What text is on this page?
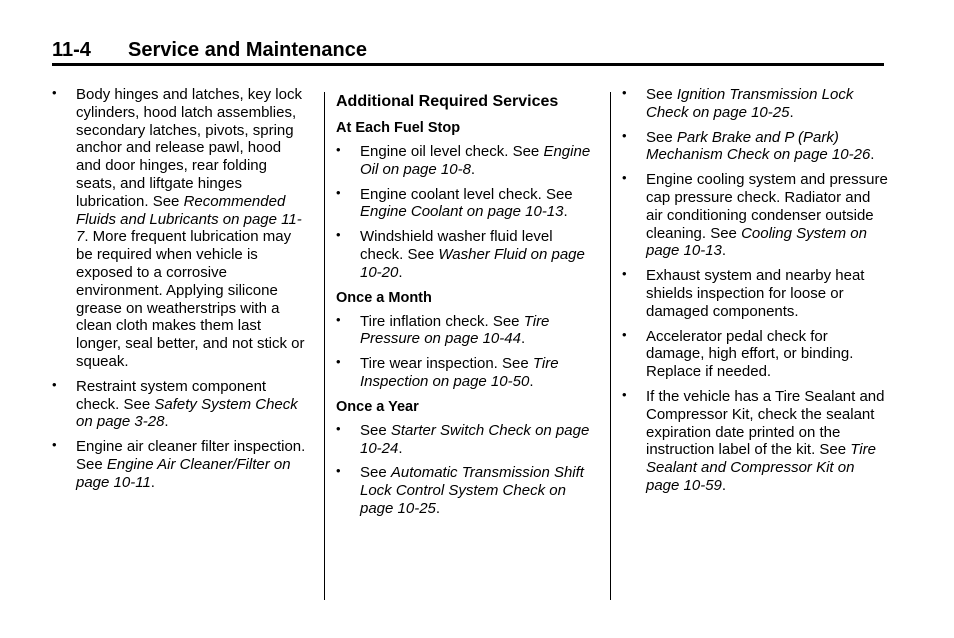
11-4 Service and Maintenance
• Body hinges and latches, key lock cylinders, hood latch assemblies, secondary latches, pivots, spring anchor and release pawl, hood and door hinges, rear folding seats, and liftgate hinges lubrication. See Recommended Fluids and Lubricants on page 11-7. More frequent lubrication may be required when vehicle is exposed to a corrosive environment. Applying silicone grease on weatherstrips with a clean cloth makes them last longer, seal better, and not stick or squeak.
• Restraint system component check. See Safety System Check on page 3-28.
• Engine air cleaner filter inspection. See Engine Air Cleaner/Filter on page 10-11.
Additional Required Services
At Each Fuel Stop
• Engine oil level check. See Engine Oil on page 10-8.
• Engine coolant level check. See Engine Coolant on page 10-13.
• Windshield washer fluid level check. See Washer Fluid on page 10-20.
Once a Month
• Tire inflation check. See Tire Pressure on page 10-44.
• Tire wear inspection. See Tire Inspection on page 10-50.
Once a Year
• See Starter Switch Check on page 10-24.
• See Automatic Transmission Shift Lock Control System Check on page 10-25.
• See Ignition Transmission Lock Check on page 10-25.
• See Park Brake and P (Park) Mechanism Check on page 10-26.
• Engine cooling system and pressure cap pressure check. Radiator and air conditioning condenser outside cleaning. See Cooling System on page 10-13.
• Exhaust system and nearby heat shields inspection for loose or damaged components.
• Accelerator pedal check for damage, high effort, or binding. Replace if needed.
• If the vehicle has a Tire Sealant and Compressor Kit, check the sealant expiration date printed on the instruction label of the kit. See Tire Sealant and Compressor Kit on page 10-59.
